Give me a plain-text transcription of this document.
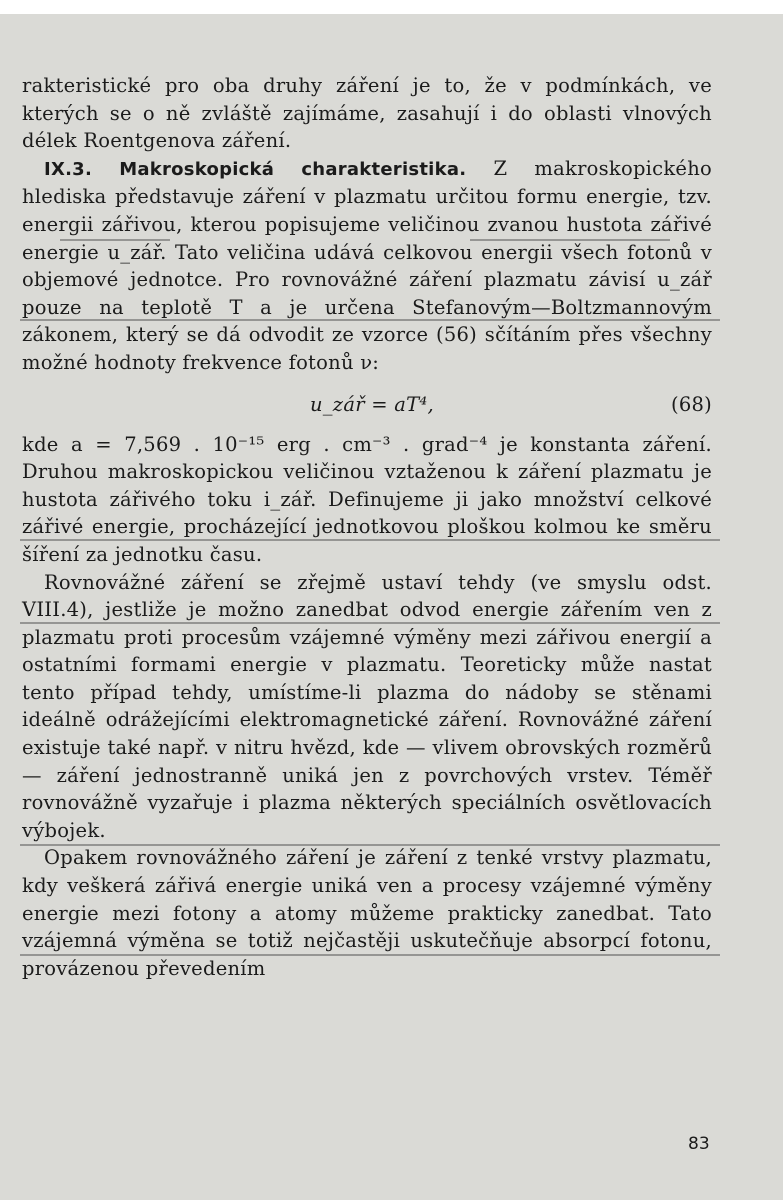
rakteristické pro oba druhy záření je to, že v podmínkách, ve kterých se o ně zvláště zajímáme, zasahují i do oblasti vlnových délek Roentgenova záření.

IX.3. Makroskopická charakteristika. Z makroskopického hlediska představuje záření v plazmatu určitou formu energie, tzv. energii zářivou, kterou popisujeme veličinou zvanou hustota zářivé energie u_zář. Tato veličina udává celkovou energii všech fotonů v objemové jednotce. Pro rovnovážné záření plazmatu závisí u_zář pouze na teplotě T a je určena Stefanovým—Boltzmannovým zákonem, který se dá odvodit ze vzorce (56) sčítáním přes všechny možné hodnoty frekvence fotonů ν:

u_zář = aT⁴,	(68)

kde a = 7,569 . 10⁻¹⁵ erg . cm⁻³ . grad⁻⁴ je konstanta záření. Druhou makroskopickou veličinou vztaženou k záření plazmatu je hustota zářivého toku i_zář. Definujeme ji jako množství celkové zářivé energie, procházející jednotkovou ploškou kolmou ke směru šíření za jednotku času.

Rovnovážné záření se zřejmě ustaví tehdy (ve smyslu odst. VIII.4), jestliže je možno zanedbat odvod energie zářením ven z plazmatu proti procesům vzájemné výměny mezi zářivou energií a ostatními formami energie v plazmatu. Teoreticky může nastat tento případ tehdy, umístíme-li plazma do nádoby se stěnami ideálně odrážejícími elektromagnetické záření. Rovnovážné záření existuje také např. v nitru hvězd, kde — vlivem obrovských rozměrů — záření jednostranně uniká jen z povrchových vrstev. Téměř rovnovážně vyzařuje i plazma některých speciálních osvětlovacích výbojek.

Opakem rovnovážného záření je záření z tenké vrstvy plazmatu, kdy veškerá zářivá energie uniká ven a procesy vzájemné výměny energie mezi fotony a atomy můžeme prakticky zanedbat. Tato vzájemná výměna se totiž nejčastěji uskutečňuje absorpcí fotonu, provázenou převedením

83
